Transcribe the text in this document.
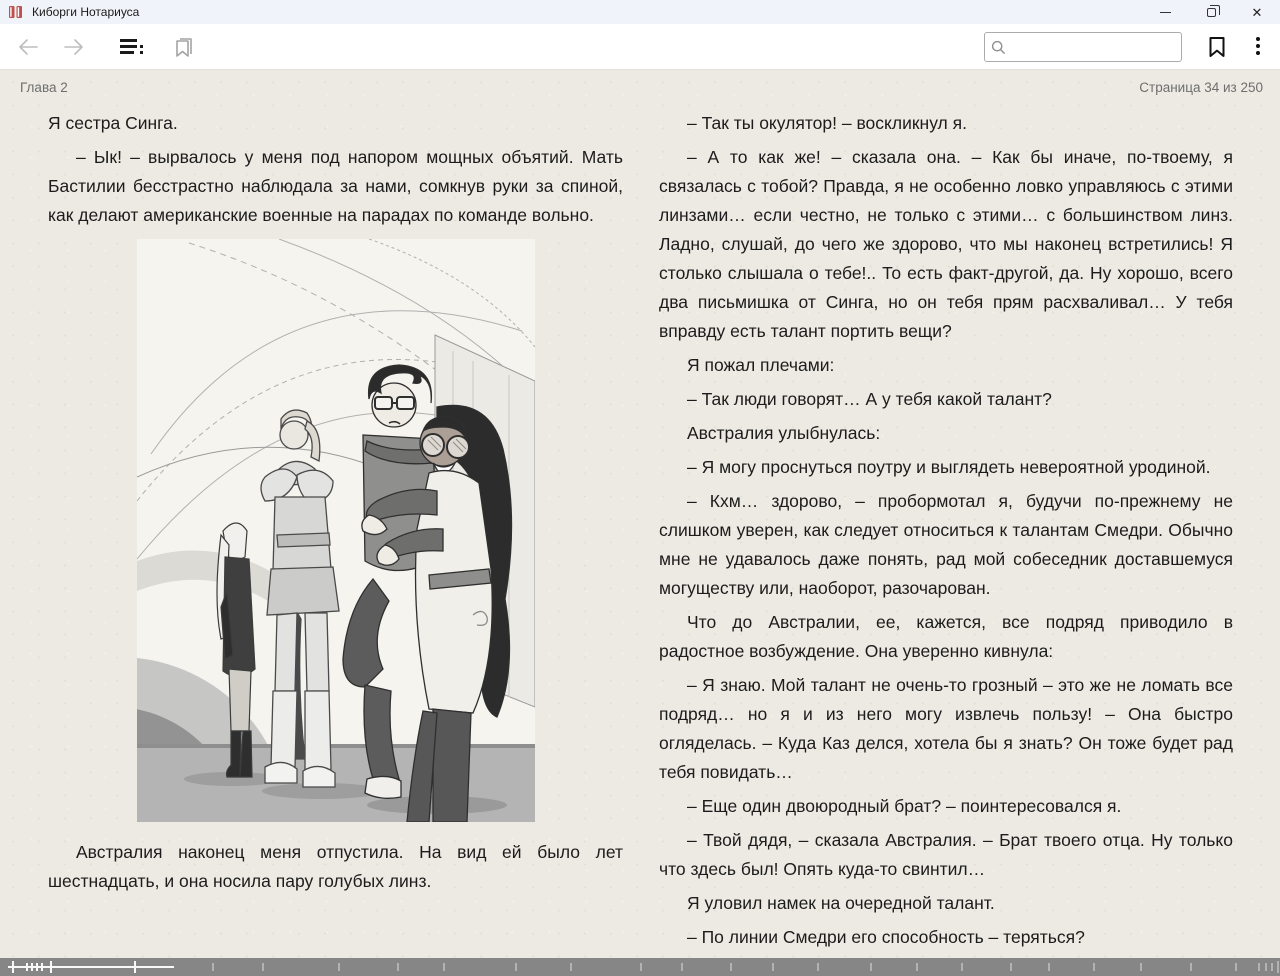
Киборги Нотариуса	✕
Глава 2	Страница 34 из 250

Я сестра Синга.

– Ык! – вырвалось у меня под напором мощных объятий. Мать Бастилии бесстрастно наблюдала за нами, сомкнув руки за спиной, как делают американские военные на парадах по команде вольно.

Австралия наконец меня отпустила. На вид ей было лет шестнадцать, и она носила пару голубых линз.

– Так ты окулятор! – воскликнул я.

– А то как же! – сказала она. – Как бы иначе, по-твоему, я связалась с тобой? Правда, я не особенно ловко управляюсь с этими линзами… если честно, не только с этими… с большинством линз. Ладно, слушай, до чего же здорово, что мы наконец встретились! Я столько слышала о тебе!.. То есть факт-другой, да. Ну хорошо, всего два письмишка от Синга, но он тебя прям расхваливал… У тебя вправду есть талант портить вещи?

Я пожал плечами:

– Так люди говорят… А у тебя какой талант?

Австралия улыбнулась:

– Я могу проснуться поутру и выглядеть невероятной уродиной.

– Кхм… здорово, – пробормотал я, будучи по-прежнему не слишком уверен, как следует относиться к талантам Смедри. Обычно мне не удавалось даже понять, рад мой собеседник доставшемуся могуществу или, наоборот, разочарован.

Что до Австралии, ее, кажется, все подряд приводило в радостное возбуждение. Она уверенно кивнула:

– Я знаю. Мой талант не очень-то грозный – это же не ломать все подряд… но я и из него могу извлечь пользу! – Она быстро огляделась. – Куда Каз делся, хотела бы я знать? Он тоже будет рад тебя повидать…

– Еще один двоюродный брат? – поинтересовался я.

– Твой дядя, – сказала Австралия. – Брат твоего отца. Ну только что здесь был! Опять куда-то свинтил…

Я уловил намек на очередной талант.

– По линии Смедри его способность – теряться?
